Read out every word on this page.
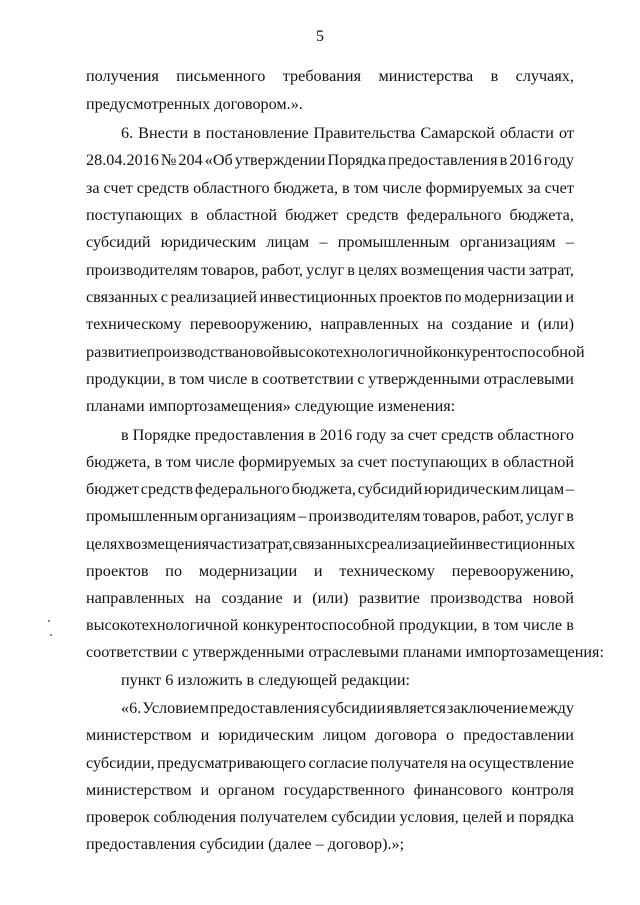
5
получения письменного требования министерства в случаях,
предусмотренных договором.».
6. Внести в постановление Правительства Самарской области от
28.04.2016 № 204 «Об утверждении Порядка предоставления в 2016 году
за счет средств областного бюджета, в том числе формируемых за счет
поступающих в областной бюджет средств федерального бюджета,
субсидий юридическим лицам – промышленным организациям –
производителям товаров, работ, услуг в целях возмещения части затрат,
связанных с реализацией инвестиционных проектов по модернизации и
техническому перевооружению, направленных на создание и (или)
развитие производства новой высокотехнологичной конкурентоспособной
продукции, в том числе в соответствии с утвержденными отраслевыми
планами импортозамещения» следующие изменения:
в Порядке предоставления в 2016 году за счет средств областного
бюджета, в том числе формируемых за счет поступающих в областной
бюджет средств федерального бюджета, субсидий юридическим лицам –
промышленным организациям – производителям товаров, работ, услуг в
целях возмещения части затрат, связанных с реализацией инвестиционных
проектов по модернизации и техническому перевооружению,
направленных на создание и (или) развитие производства новой
высокотехнологичной конкурентоспособной продукции, в том числе в
соответствии с утвержденными отраслевыми планами импортозамещения:
пункт 6 изложить в следующей редакции:
«6. Условием предоставления субсидии является заключение между
министерством и юридическим лицом договора о предоставлении
субсидии, предусматривающего согласие получателя на осуществление
министерством и органом государственного финансового контроля
проверок соблюдения получателем субсидии условия, целей и порядка
предоставления субсидии (далее – договор).»;
